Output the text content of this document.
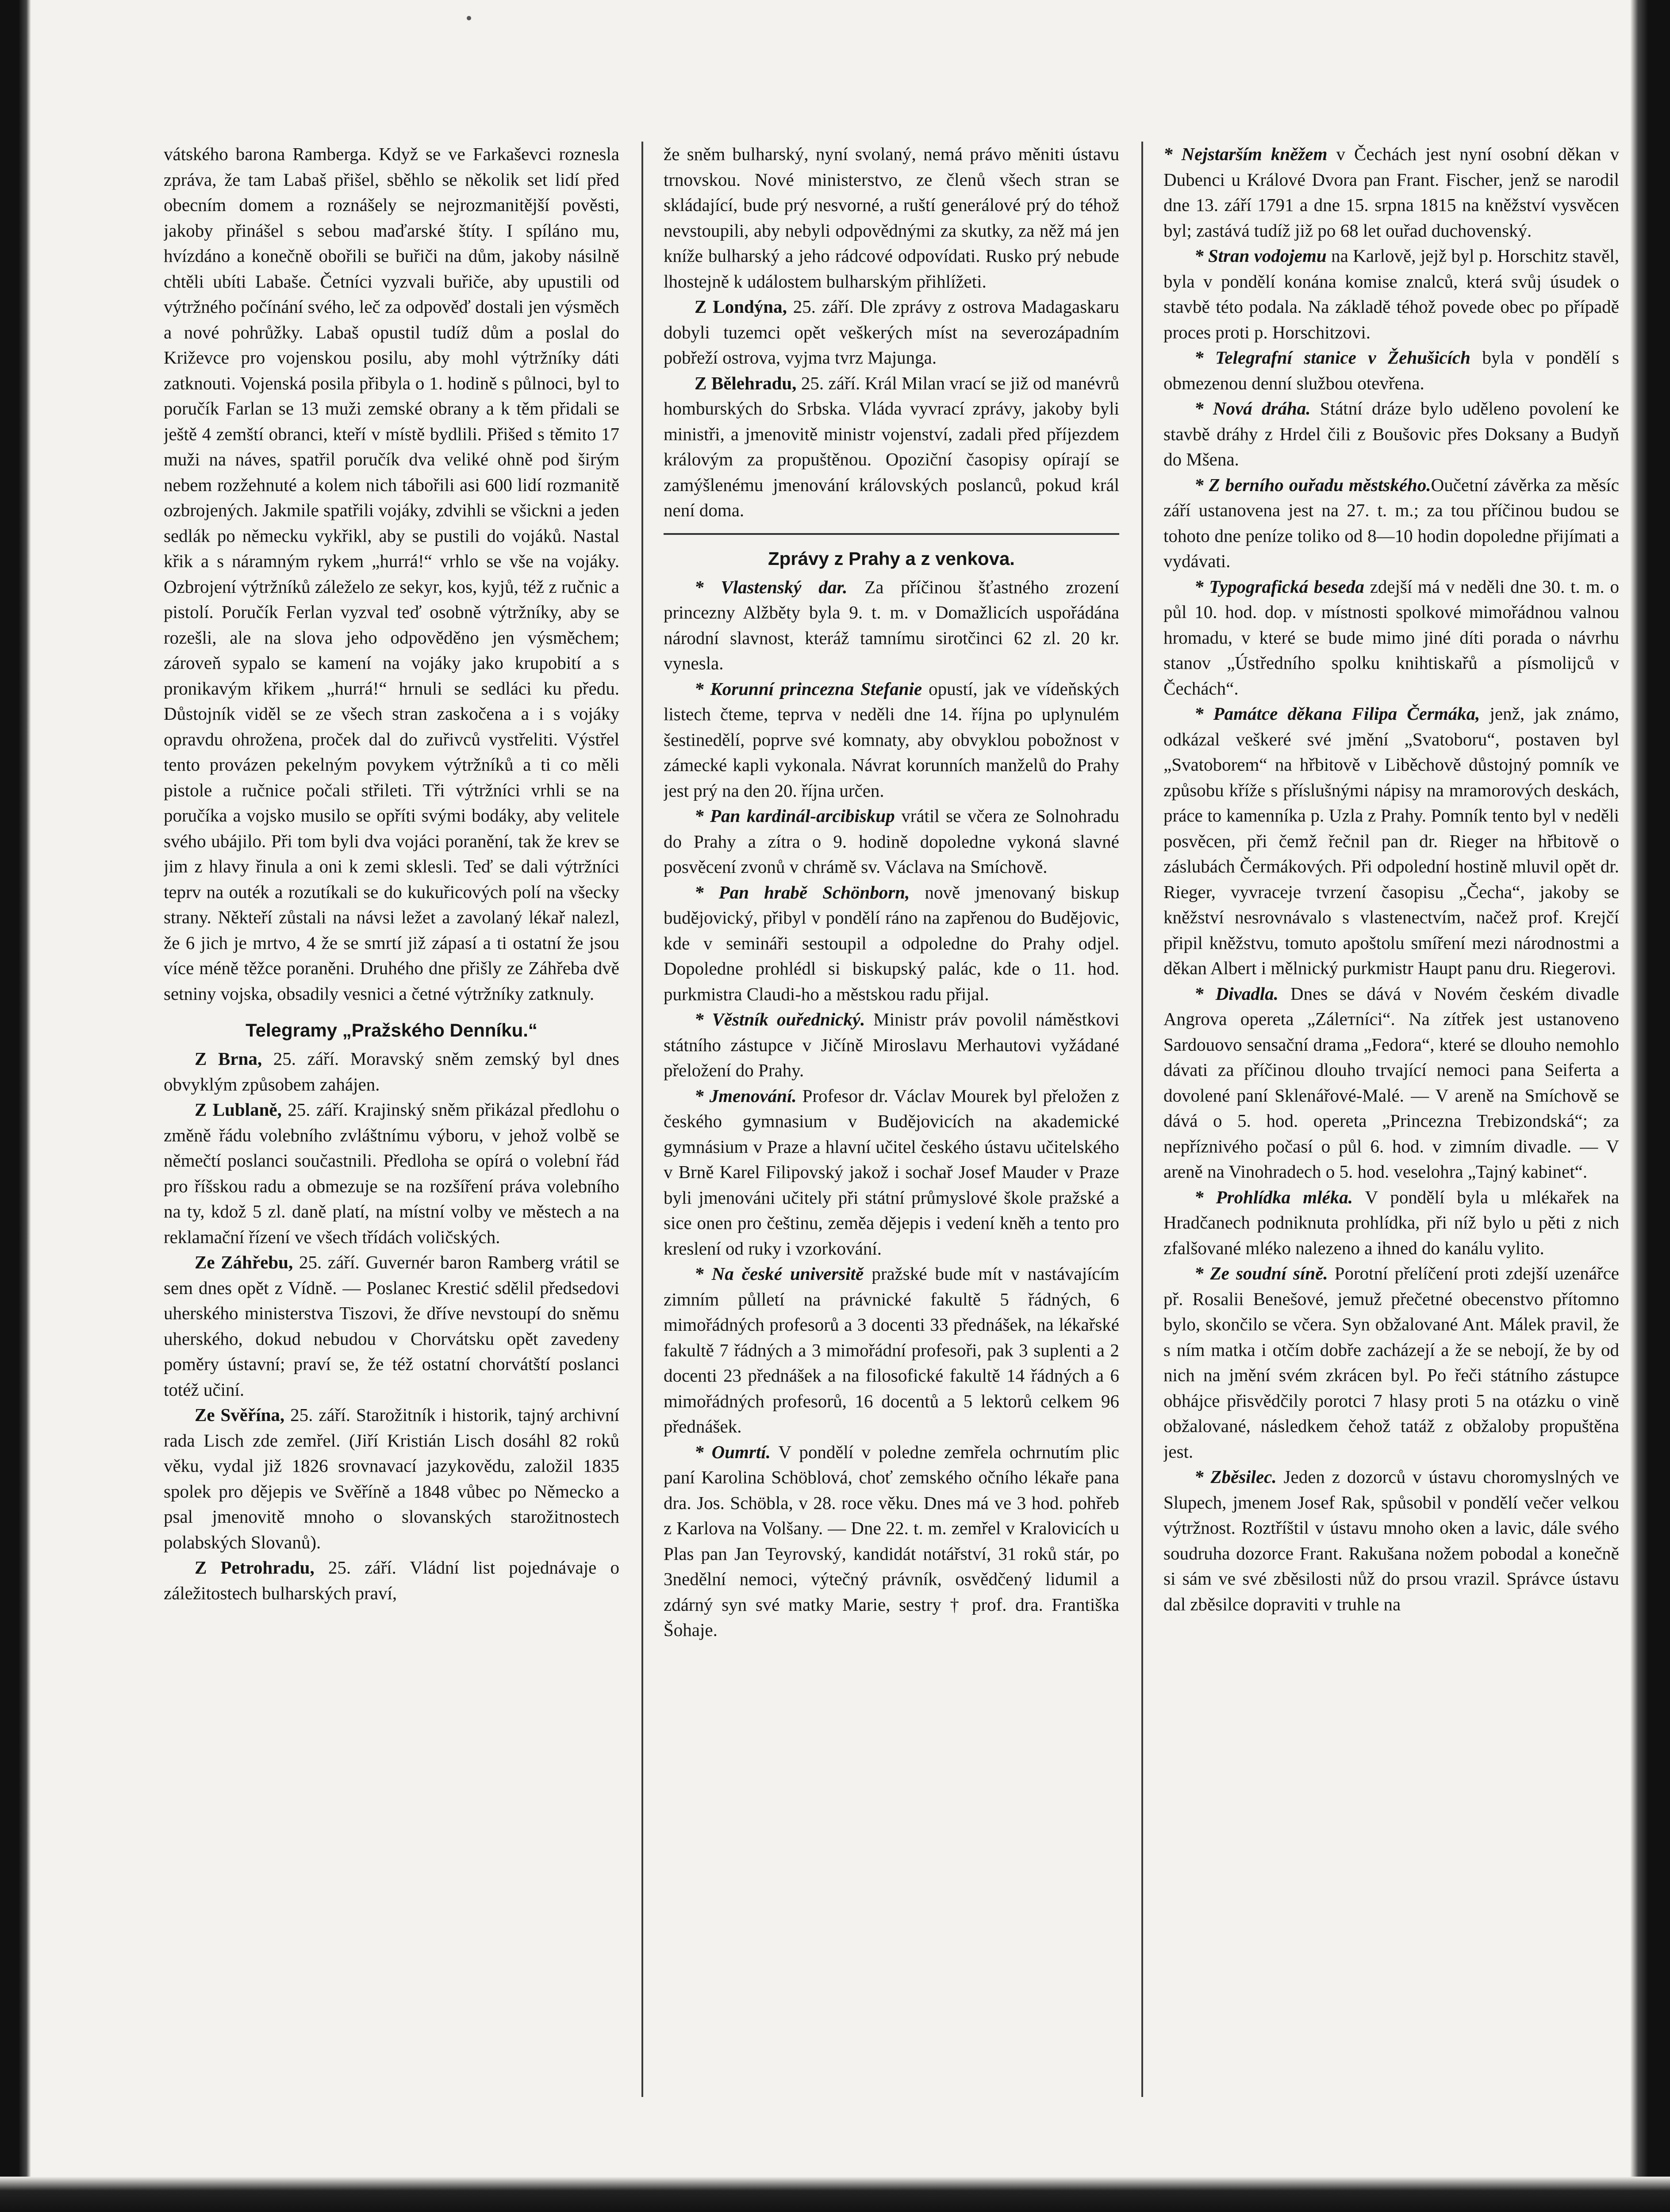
vátského barona Ramberga. Když se ve Farkaševci roznesla zpráva, že tam Labaš přišel, sběhlo se několik set lidí před obecním domem a roznášely se nejrozmanitější pověsti, jakoby přinášel s sebou maďarské štíty. I spíláno mu, hvízdáno a konečně obořili se buřiči na dům, jakoby násilně chtěli ubíti Labaše. Četníci vyzvali buřiče, aby upustili od výtržného počínání svého, leč za odpověď dostali jen výsměch a nové pohrůžky. Labaš opustil tudíž dům a poslal do Križevce pro vojenskou posilu, aby mohl výtržníky dáti zatknouti. Vojenská posila přibyla o 1. hodině s půlnoci, byl to poručík Farlan se 13 muži zemské obrany a k těm přidali se ještě 4 zemští obranci, kteří v místě bydlili. Přišed s těmito 17 muži na náves, spatřil poručík dva veliké ohně pod širým nebem rozžehnuté a kolem nich tábořili asi 600 lidí rozmanitě ozbrojených. Jakmile spatřili vojáky, zdvihli se všickni a jeden sedlák po německu vykřikl, aby se pustili do vojáků. Nastal křik a s náramným rykem „hurrá!“ vrhlo se vše na vojáky. Ozbrojení výtržníků záleželo ze sekyr, kos, kyjů, též z ručnic a pistolí. Poručík Ferlan vyzval teď osobně výtržníky, aby se rozešli, ale na slova jeho odpověděno jen výsměchem; zároveň sypalo se kamení na vojáky jako krupobití a s pronikavým křikem „hurrá!“ hrnuli se sedláci ku předu. Důstojník viděl se ze všech stran zaskočena a i s vojáky opravdu ohrožena, proček dal do zuřivců vystřeliti. Výstřel tento provázen pekelným povykem výtržníků a ti co měli pistole a ručnice počali střileti. Tři výtržníci vrhli se na poručíka a vojsko musilo se opříti svými bodáky, aby velitele svého ubájilo. Při tom byli dva vojáci poranění, tak že krev se jim z hlavy řinula a oni k zemi sklesli. Teď se dali výtržníci teprv na outék a rozutíkali se do kukuřicových polí na všecky strany. Někteří zůstali na návsi ležet a zavolaný lékař nalezl, že 6 jich je mrtvo, 4 že se smrtí již zápasí a ti ostatní že jsou více méně těžce poraněni. Druhého dne přišly ze Záhřeba dvě setniny vojska, obsadily vesnici a četné výtržníky zatknuly.

Telegramy „Pražského Denníku.“

Z Brna, 25. září. Moravský sněm zemský byl dnes obvyklým způsobem zahájen.

Z Lublaně, 25. září. Krajinský sněm přikázal předlohu o změně řádu volebního zvláštnímu výboru, v jehož volbě se němečtí poslanci součastnili. Předloha se opírá o volební řád pro říšskou radu a obmezuje se na rozšíření práva volebního na ty, kdož 5 zl. daně platí, na místní volby ve městech a na reklamační řízení ve všech třídách voličských.

Ze Záhřebu, 25. září. Guvernér baron Ramberg vrátil se sem dnes opět z Vídně. — Poslanec Krestić sdělil předsedovi uherského ministerstva Tiszovi, že dříve nevstoupí do sněmu uherského, dokud nebudou v Chorvátsku opět zavedeny poměry ústavní; praví se, že též ostatní chorvátští poslanci totéž učiní.

Ze Svěřína, 25. září. Starožitník i historik, tajný archivní rada Lisch zde zemřel. (Jiří Kristián Lisch dosáhl 82 roků věku, vydal již 1826 srovnavací jazykovědu, založil 1835 spolek pro dějepis ve Svěříně a 1848 vůbec po Německo a psal jmenovitě mnoho o slovanských starožitnostech polabských Slovanů).

Z Petrohradu, 25. září. Vládní list pojednávaje o záležitostech bulharských praví,

že sněm bulharský, nyní svolaný, nemá právo měniti ústavu trnovskou. Nové ministerstvo, ze členů všech stran se skládající, bude prý nesvorné, a ruští generálové prý do téhož nevstoupili, aby nebyli odpovědnými za skutky, za něž má jen kníže bulharský a jeho rádcové odpovídati. Rusko prý nebude lhostejně k událostem bulharským přihlížeti.

Z Londýna, 25. září. Dle zprávy z ostrova Madagaskaru dobyli tuzemci opět veškerých míst na severozápadním pobřeží ostrova, vyjma tvrz Majunga.

Z Bělehradu, 25. září. Král Milan vrací se již od manévrů homburských do Srbska. Vláda vyvrací zprávy, jakoby byli ministři, a jmenovitě ministr vojenství, zadali před příjezdem královým za propuštěnou. Opoziční časopisy opírají se zamýšlenému jmenování královských poslanců, pokud král není doma.

Zprávy z Prahy a z venkova.

* Vlastenský dar. Za příčinou šťastného zrození princezny Alžběty byla 9. t. m. v Domažlicích uspořádána národní slavnost, kteráž tamnímu sirotčinci 62 zl. 20 kr. vynesla.

* Korunní princezna Stefanie opustí, jak ve vídeňských listech čteme, teprva v neděli dne 14. října po uplynulém šestinedělí, poprve své komnaty, aby obvyklou pobožnost v zámecké kapli vykonala. Návrat korunních manželů do Prahy jest prý na den 20. října určen.

* Pan kardinál-arcibiskup vrátil se včera ze Solnohradu do Prahy a zítra o 9. hodině dopoledne vykoná slavné posvěcení zvonů v chrámě sv. Václava na Smíchově.

* Pan hrabě Schönborn, nově jmenovaný biskup budějovický, přibyl v pondělí ráno na zapřenou do Budějovic, kde v semináři sestoupil a odpoledne do Prahy odjel. Dopoledne prohlédl si biskupský palác, kde o 11. hod. purkmistra Claudi-ho a městskou radu přijal.

* Věstník ouřednický. Ministr práv povolil náměstkovi státního zástupce v Jičíně Miroslavu Merhautovi vyžádané přeložení do Prahy.

* Jmenování. Profesor dr. Václav Mourek byl přeložen z českého gymnasium v Budějovicích na akademické gymnásium v Praze a hlavní učitel českého ústavu učitelského v Brně Karel Filipovský jakož i sochař Josef Mauder v Praze byli jmenováni učitely při státní průmyslové škole pražské a sice onen pro češtinu, zeměa dějepis i vedení kněh a tento pro kreslení od ruky i vzorkování.

* Na české universitě pražské bude mít v nastávajícím zimním půlletí na právnické fakultě 5 řádných, 6 mimořádných profesorů a 3 docenti 33 přednášek, na lékařské fakultě 7 řádných a 3 mimořádní profesoři, pak 3 suplenti a 2 docenti 23 přednášek a na filosofické fakultě 14 řádných a 6 mimořádných profesorů, 16 docentů a 5 lektorů celkem 96 přednášek.

* Oumrtí. V pondělí v poledne zemřela ochrnutím plic paní Karolina Schöblová, choť zemského očního lékaře pana dra. Jos. Schöbla, v 28. roce věku. Dnes má ve 3 hod. pohřeb z Karlova na Volšany. — Dne 22. t. m. zemřel v Kralovicích u Plas pan Jan Teyrovský, kandidát notářství, 31 roků stár, po 3nedělní nemoci, výtečný právník, osvědčený lidumil a zdárný syn své matky Marie, sestry † prof. dra. Františka Šohaje.

* Nejstarším kněžem v Čechách jest nyní osobní děkan v Dubenci u Králové Dvora pan Frant. Fischer, jenž se narodil dne 13. září 1791 a dne 15. srpna 1815 na kněžství vysvěcen byl; zastává tudíž již po 68 let ouřad duchovenský.

* Stran vodojemu na Karlově, jejž byl p. Horschitz stavěl, byla v pondělí konána komise znalců, která svůj úsudek o stavbě této podala. Na základě téhož povede obec po případě proces proti p. Horschitzovi.

* Telegrafní stanice v Žehušicích byla v pondělí s obmezenou denní službou otevřena.

* Nová dráha. Státní dráze bylo uděleno povolení ke stavbě dráhy z Hrdel čili z Boušovic přes Doksany a Budyň do Mšena.

* Z berního ouřadu městského.Oučetní závěrka za měsíc září ustanovena jest na 27. t. m.; za tou příčinou budou se tohoto dne peníze toliko od 8—10 hodin dopoledne přijímati a vydávati.

* Typografická beseda zdejší má v neděli dne 30. t. m. o půl 10. hod. dop. v místnosti spolkové mimořádnou valnou hromadu, v které se bude mimo jiné díti porada o návrhu stanov „Ústředního spolku knihtiskařů a písmolijců v Čechách“.

* Památce děkana Filipa Čermáka, jenž, jak známo, odkázal veškeré své jmění „Svatoboru“, postaven byl „Svatoborem“ na hřbitově v Liběchově důstojný pomník ve způsobu kříže s příslušnými nápisy na mramorových deskách, práce to kamenníka p. Uzla z Prahy. Pomník tento byl v neděli posvěcen, při čemž řečnil pan dr. Rieger na hřbitově o záslubách Čermákových. Při odpolední hostině mluvil opět dr. Rieger, vyvraceje tvrzení časopisu „Čecha“, jakoby se kněžství nesrovnávalo s vlastenectvím, načež prof. Krejčí připil kněžstvu, tomuto apoštolu smíření mezi národnostmi a děkan Albert i mělnický purkmistr Haupt panu dru. Riegerovi.

* Divadla. Dnes se dává v Novém českém divadle Angrova opereta „Zálетníci“. Na zítřek jest ustanoveno Sardouovo sensační drama „Fedora“, které se dlouho nemohlo dávati za příčinou dlouho trvající nemoci pana Seiferta a dovolené paní Sklenářové-Malé. — V areně na Smíchově se dává o 5. hod. opereta „Princezna Trebizondská“; za nepříznivého počasí o půl 6. hod. v zimním divadle. — V areně na Vinohradech o 5. hod. veselohra „Tajný kabinet“.

* Prohlídka mléka. V pondělí byla u mlékařek na Hradčanech podniknuta prohlídka, při níž bylo u pěti z nich zfalšované mléko nalezeno a ihned do kanálu vylito.

* Ze soudní síně. Porotní přelíčení proti zdejší uzenářce př. Rosalii Benešové, jemuž přečetné obecenstvo přítomno bylo, skončilo se včera. Syn obžalované Ant. Málek pravil, že s ním matka i otčím dobře zacházejí a že se nebojí, že by od nich na jmění svém zkrácen byl. Po řeči státního zástupce obhájce přisvědčily porotci 7 hlasy proti 5 na otázku o vině obžalované, následkem čehož tatáž z obžaloby propuštěna jest.

* Zběsilec. Jeden z dozorců v ústavu choromyslných ve Slupech, jmenem Josef Rak, spůsobil v pondělí večer velkou výtržnost. Roztříštil v ústavu mnoho oken a lavic, dále svého soudruha dozorce Frant. Rakušana nožem pobodal a konečně si sám ve své zběsilosti nůž do prsou vrazil. Správce ústavu dal zběsilce dopraviti v truhle na
